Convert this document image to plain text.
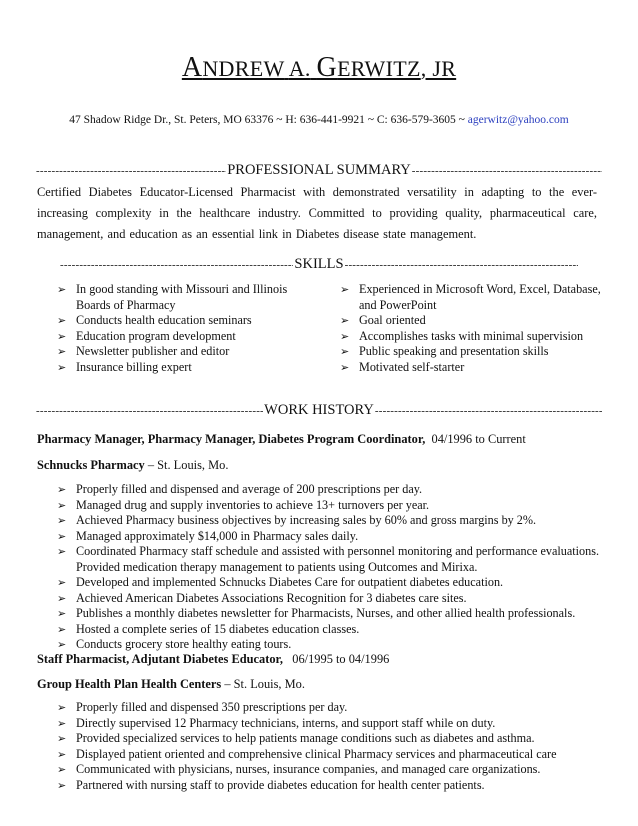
ANDREW A. GERWITZ, JR
47 Shadow Ridge Dr., St. Peters, MO 63376 ~ H: 636-441-9921 ~ C: 636-579-3605 ~ agerwitz@yahoo.com
-----
PROFESSIONAL SUMMARY
-----
Certified Diabetes Educator-Licensed Pharmacist with demonstrated versatility in adapting to the ever-increasing complexity in the healthcare industry. Committed to providing quality, pharmaceutical care, management, and education as an essential link in Diabetes disease state management.
-----
SKILLS
-----
➢ In good standing with Missouri and Illinois Boards of Pharmacy
➢ Conducts health education seminars
➢ Education program development
➢ Newsletter publisher and editor
➢ Insurance billing expert
➢ Experienced in Microsoft Word, Excel, Database, and PowerPoint
➢ Goal oriented
➢ Accomplishes tasks with minimal supervision
➢ Public speaking and presentation skills
➢ Motivated self-starter
-----
WORK HISTORY
-----
Pharmacy Manager, Pharmacy Manager, Diabetes Program Coordinator, 04/1996 to Current
Schnucks Pharmacy – St. Louis, Mo.
➢ Properly filled and dispensed and average of 200 prescriptions per day.
➢ Managed drug and supply inventories to achieve 13+ turnovers per year.
➢ Achieved Pharmacy business objectives by increasing sales by 60% and gross margins by 2%.
➢ Managed approximately $14,000 in Pharmacy sales daily.
➢ Coordinated Pharmacy staff schedule and assisted with personnel monitoring and performance evaluations. Provided medication therapy management to patients using Outcomes and Mirixa.
➢ Developed and implemented Schnucks Diabetes Care for outpatient diabetes education.
➢ Achieved American Diabetes Associations Recognition for 3 diabetes care sites.
➢ Publishes a monthly diabetes newsletter for Pharmacists, Nurses, and other allied health professionals.
➢ Hosted a complete series of 15 diabetes education classes.
➢ Conducts grocery store healthy eating tours.
Staff Pharmacist, Adjutant Diabetes Educator, 06/1995 to 04/1996
Group Health Plan Health Centers – St. Louis, Mo.
➢ Properly filled and dispensed 350 prescriptions per day.
➢ Directly supervised 12 Pharmacy technicians, interns, and support staff while on duty.
➢ Provided specialized services to help patients manage conditions such as diabetes and asthma.
➢ Displayed patient oriented and comprehensive clinical Pharmacy services and pharmaceutical care
➢ Communicated with physicians, nurses, insurance companies, and managed care organizations.
➢ Partnered with nursing staff to provide diabetes education for health center patients.
